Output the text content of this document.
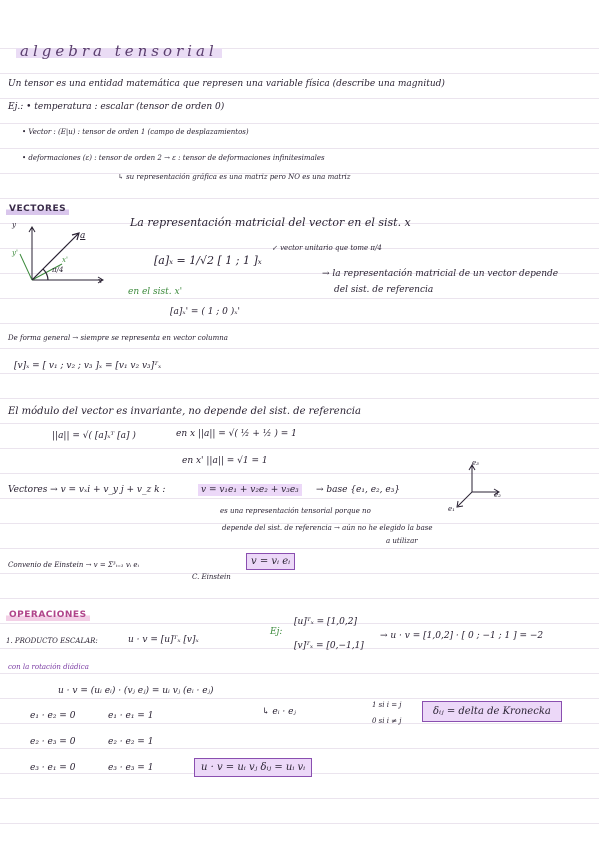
algebra tensorial
Un tensor es una entidad matemática que represen una variable física (describe una magnitud)
Ej.: • temperatura : escalar (tensor de orden 0)
• Vector : (E|u) : tensor de orden 1 (campo de desplazamientos)
• deformaciones (ε) : tensor de orden 2 → ε : tensor de deformaciones infinitesimales
↳ su representación gráfica es una matriz pero NO es una matriz
VECTORES
y
y'
x'
x
a
π/4
La representación matricial del vector en el sist. x
[a]ₓ = 1/√2 [ 1 ; 1 ]ₓ
↙ vector unitario que tome π/4
en el sist. x'
[a]ₓ' = ( 1 ; 0 )ₓ'
→ la representación matricial de un vector depende
del sist. de referencia
De forma general → siempre se representa en vector columna
[v]ₓ = [ v₁ ; v₂ ; v₃ ]ₓ = [v₁ v₂ v₃]ᵀₓ
El módulo del vector es invariante, no depende del sist. de referencia
||a|| = √( [a]ₓᵀ [a] )	en x ||a|| = √( ½ + ½ ) = 1
en x' ||a|| = √1 = 1	e₃
e₂
e₁
Vectores → v = vₓi + v_y j + v_z k :	v = v₁e₁ + v₂e₂ + v₃e₃	→ base {e₁, e₂, e₃}
es una representación tensorial porque no
depende del sist. de referencia → aún no he elegido la base
a utilizar
Convenio de Einstein → v = Σ³ᵢ₌₁ vᵢ eᵢ
C. Einstein
v = vᵢ eᵢ
OPERACIONES
1. PRODUCTO ESCALAR:	u · v = [u]ᵀₓ [v]ₓ
Ej:
[u]ᵀₓ = [1,0,2]
[v]ᵀₓ = [0,−1,1]
→ u · v = [1,0,2] · [ 0 ; −1 ; 1 ] = −2
con la rotación diádica
u · v = (uᵢ eᵢ) · (vⱼ eⱼ) = uᵢ vⱼ (eᵢ · eⱼ)
↳ eᵢ · eⱼ
1 si i = j
0 si i ≠ j
δᵢⱼ = delta de Kronecka
e₁ · e₂ = 0	e₁ · e₁ = 1
e₂ · e₃ = 0	e₂ · e₂ = 1
e₃ · e₁ = 0	e₃ · e₃ = 1	u · v = uᵢ vⱼ δᵢⱼ = uᵢ vᵢ
